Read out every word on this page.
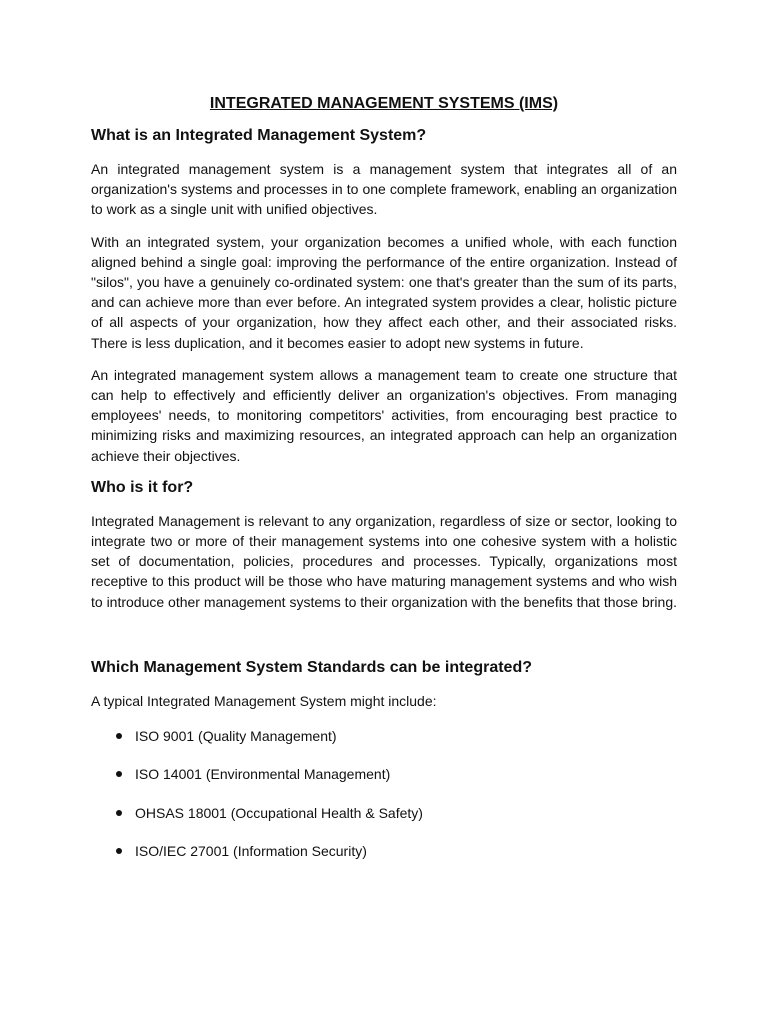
INTEGRATED MANAGEMENT SYSTEMS (IMS)
What is an Integrated Management System?

An integrated management system is a management system that integrates all of an organization's systems and processes in to one complete framework, enabling an organization to work as a single unit with unified objectives.

With an integrated system, your organization becomes a unified whole, with each function aligned behind a single goal: improving the performance of the entire organization. Instead of "silos", you have a genuinely co-ordinated system: one that's greater than the sum of its parts, and can achieve more than ever before. An integrated system provides a clear, holistic picture of all aspects of your organization, how they affect each other, and their associated risks. There is less duplication, and it becomes easier to adopt new systems in future.

An integrated management system allows a management team to create one structure that can help to effectively and efficiently deliver an organization's objectives. From managing employees' needs, to monitoring competitors' activities, from encouraging best practice to minimizing risks and maximizing resources, an integrated approach can help an organization achieve their objectives.

Who is it for?

Integrated Management is relevant to any organization, regardless of size or sector, looking to integrate two or more of their management systems into one cohesive system with a holistic set of documentation, policies, procedures and processes. Typically, organizations most receptive to this product will be those who have maturing management systems and who wish to introduce other management systems to their organization with the benefits that those bring.

Which Management System Standards can be integrated?
A typical Integrated Management System might include:
ISO 9001 (Quality Management)
ISO 14001 (Environmental Management)
OHSAS 18001 (Occupational Health & Safety)
ISO/IEC 27001 (Information Security)
